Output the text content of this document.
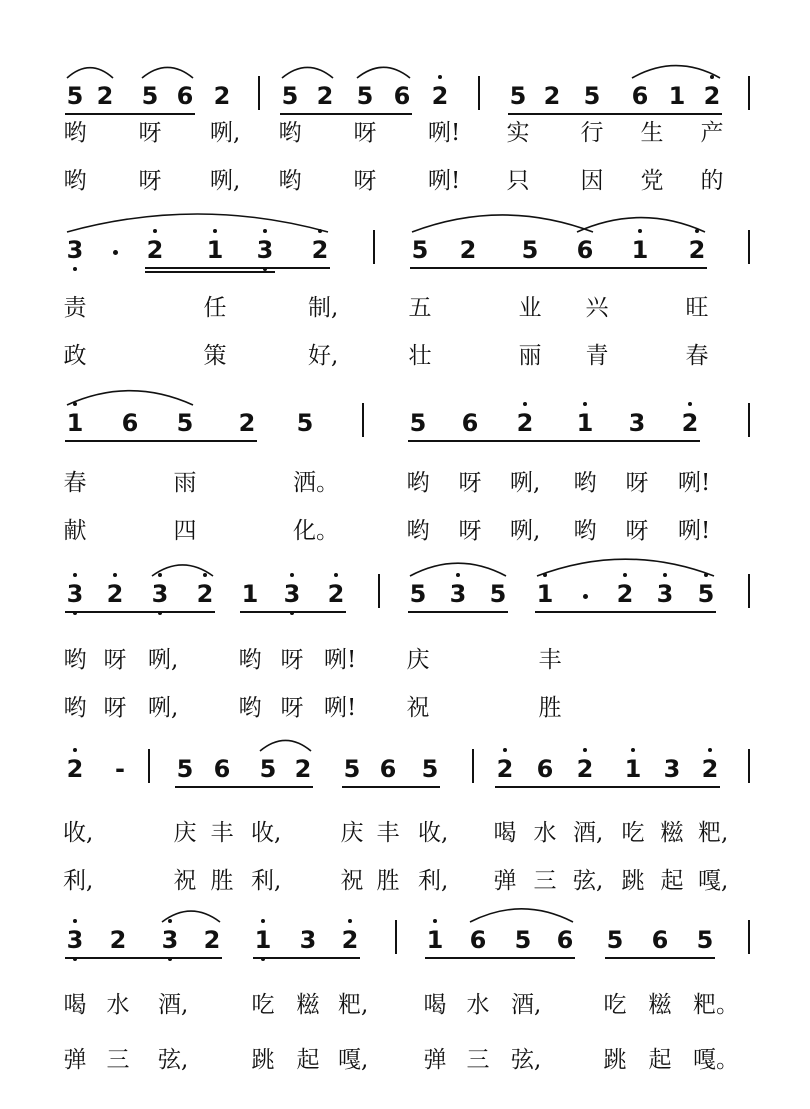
5 2 5 6 2 5 2 5 6 2	5 2 5 6 1 2
哟 呀 咧, 哟 呀 咧! 实 行 生 产
哟 呀 咧, 哟 呀 咧! 只 因 党 的
3	2 1 3 2	5 2 5 6 1 2
责	任	制,	五	业 兴	旺
政	策	好,	壮	丽 青	春
1 6 5 2 5	5 6 2 1 3 2
春	雨	洒。	哟 呀 咧, 哟 呀 咧!
献	四	化。	哟 呀 咧, 哟 呀 咧!
3 2 3 2 1 3 2	5 3 5 1	2 3 5
哟 呀 咧,	哟 呀 咧! 庆	丰
哟 呀 咧,	哟 呀 咧! 祝	胜
2 - 5 6 5 2 5 6 5 2 6 2 1 3 2
收,	庆 丰 收,	庆 丰 收, 喝 水 酒, 吃 糍 粑,
利,	祝 胜 利,	祝 胜 利, 弹 三 弦, 跳 起 嘎,
3 2 3 2 1 3 2	1 6 5 6 5 6 5
喝 水 酒,	吃 糍 粑, 喝 水 酒,	吃 糍 粑。
弹 三 弦,	跳 起 嘎, 弹 三 弦,	跳 起 嘎。
